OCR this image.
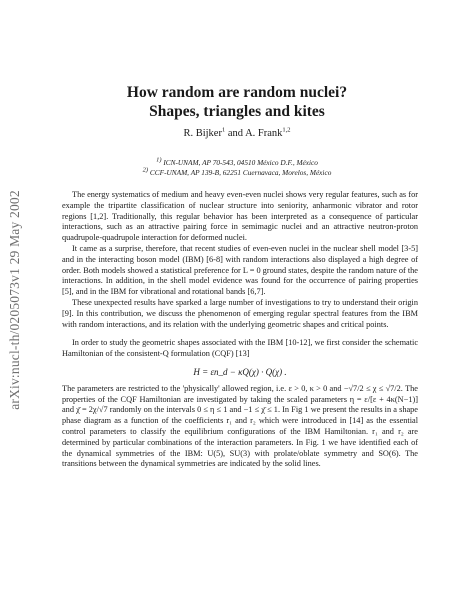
arXiv:nucl-th/0205073v1 29 May 2002
How random are random nuclei?
Shapes, triangles and kites
R. Bijker$^1$ and A. Frank$^{1,2}$
$^{1)}$ ICN-UNAM, AP 70-543, 04510 México D.F., México
$^{2)}$ CCF-UNAM, AP 139-B, 62251 Cuernavaca, Morelos, México

The energy systematics of medium and heavy even-even nuclei shows very regular features, such as for example the tripartite classification of nuclear structure into seniority, anharmonic vibrator and rotor regions [1,2]. Traditionally, this regular behavior has been interpreted as a consequence of particular interactions, such as an attractive pairing force in semimagic nuclei and an attractive neutron-proton quadrupole-quadrupole interaction for deformed nuclei.

It came as a surprise, therefore, that recent studies of even-even nuclei in the nuclear shell model [3-5] and in the interacting boson model (IBM) [6-8] with random interactions also displayed a high degree of order. Both models showed a statistical preference for L = 0 ground states, despite the random nature of the interactions. In addition, in the shell model evidence was found for the occurrence of pairing properties [5], and in the IBM for vibrational and rotational bands [6,7].

These unexpected results have sparked a large number of investigations to try to understand their origin [9]. In this contribution, we discuss the phenomenon of emerging regular spectral features from the IBM with random interactions, and its relation with the underlying geometric shapes and critical points.

In order to study the geometric shapes associated with the IBM [10-12], we first consider the schematic Hamiltonian of the consistent-Q formulation (CQF) [13]

H = εn_d − κQ(χ) · Q(χ) .

The parameters are restricted to the 'physically' allowed region, i.e. ε > 0, κ > 0 and −√7/2 ≤ χ ≤ √7/2. The properties of the CQF Hamiltonian are investigated by taking the scaled parameters η = ε/[ε + 4κ(N−1)] and χ̄ = 2χ/√7 randomly on the intervals 0 ≤ η ≤ 1 and −1 ≤ χ̄ ≤ 1. In Fig 1 we present the results in a shape phase diagram as a function of the coefficients r₁ and r₂ which were introduced in [14] as the essential control parameters to classify the equilibrium configurations of the IBM Hamiltonian. r₁ and r₂ are determined by particular combinations of the interaction parameters. In Fig. 1 we have identified each of the dynamical symmetries of the IBM: U(5), SU(3) with prolate/oblate symmetry and SO(6). The transitions between the dynamical symmetries are indicated by the solid lines.
